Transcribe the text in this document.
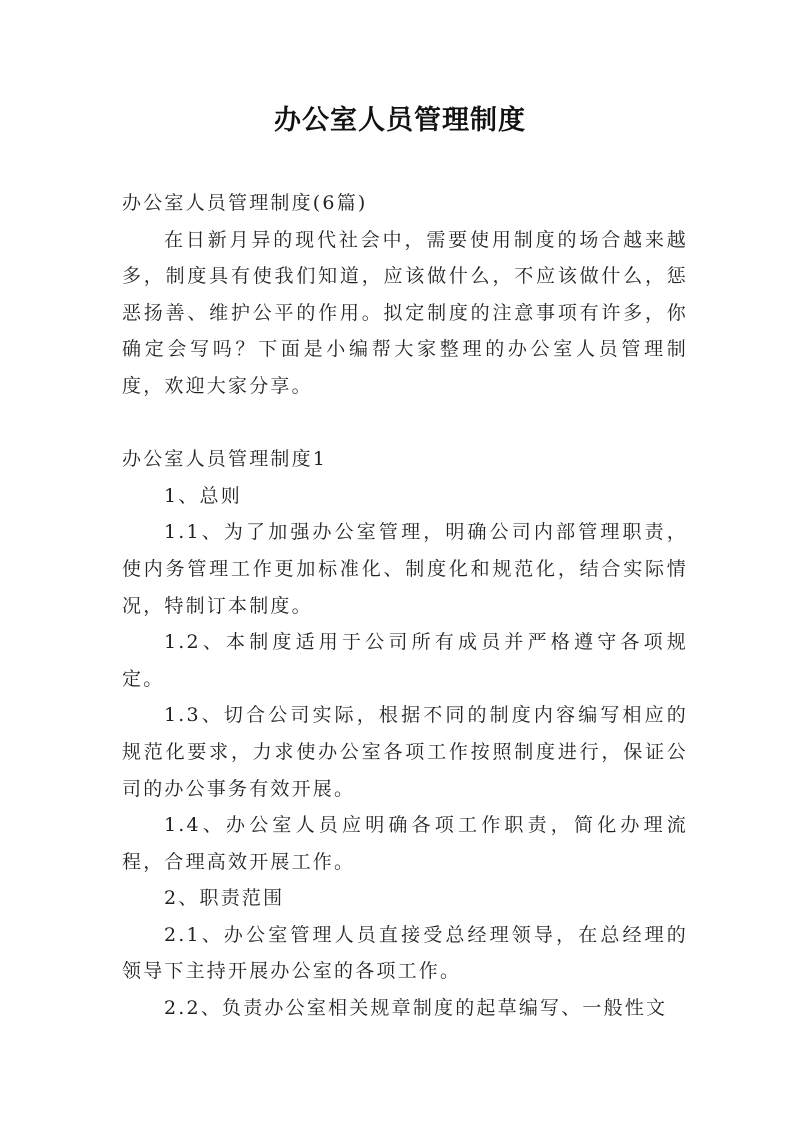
办公室人员管理制度

办公室人员管理制度(6篇)

在日新月异的现代社会中，需要使用制度的场合越来越多，制度具有使我们知道，应该做什么，不应该做什么，惩恶扬善、维护公平的作用。拟定制度的注意事项有许多，你确定会写吗？下面是小编帮大家整理的办公室人员管理制度，欢迎大家分享。

办公室人员管理制度1

1、总则

1.1、为了加强办公室管理，明确公司内部管理职责，使内务管理工作更加标准化、制度化和规范化，结合实际情况，特制订本制度。

1.2、本制度适用于公司所有成员并严格遵守各项规定。

1.3、切合公司实际，根据不同的制度内容编写相应的规范化要求，力求使办公室各项工作按照制度进行，保证公司的办公事务有效开展。

1.4、办公室人员应明确各项工作职责，简化办理流程，合理高效开展工作。

2、职责范围

2.1、办公室管理人员直接受总经理领导，在总经理的领导下主持开展办公室的各项工作。

2.2、负责办公室相关规章制度的起草编写、一般性文
